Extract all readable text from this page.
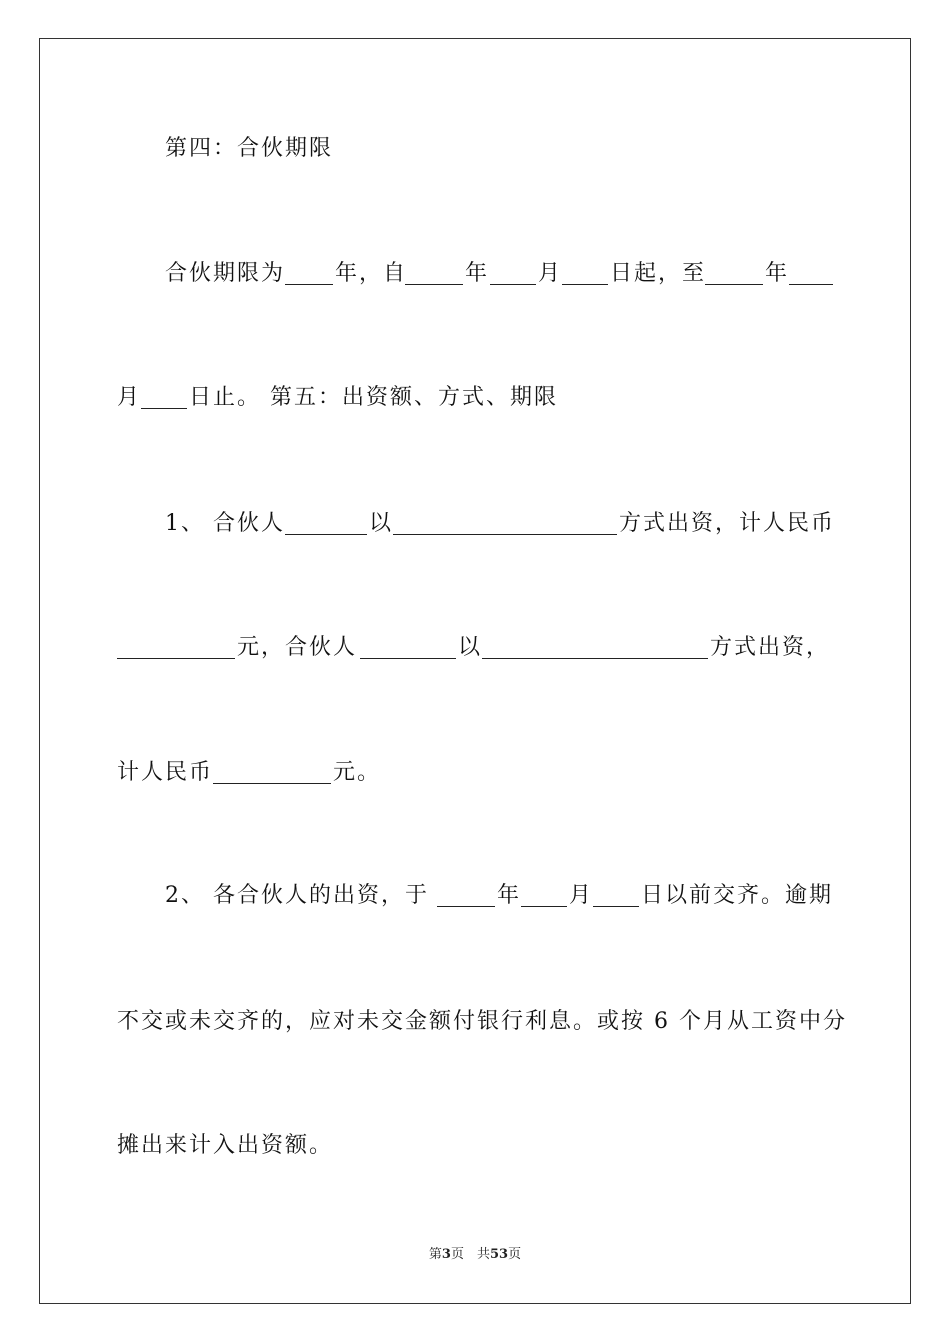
第四：合伙期限
合伙期限为 年，自	年 月 日起，至	年
月 日止。 第五：出资额、方式、期限
1、 合伙人	以	方式出资，计人民币
元，合伙人	以	方式出资，
计人民币	元。
2、 各合伙人的出资，于	年 月 日以前交齐。逾期
不交或未交齐的，应对未交金额付银行利息。或按 6 个月从工资中分
摊出来计入出资额。
第3页　共53页
